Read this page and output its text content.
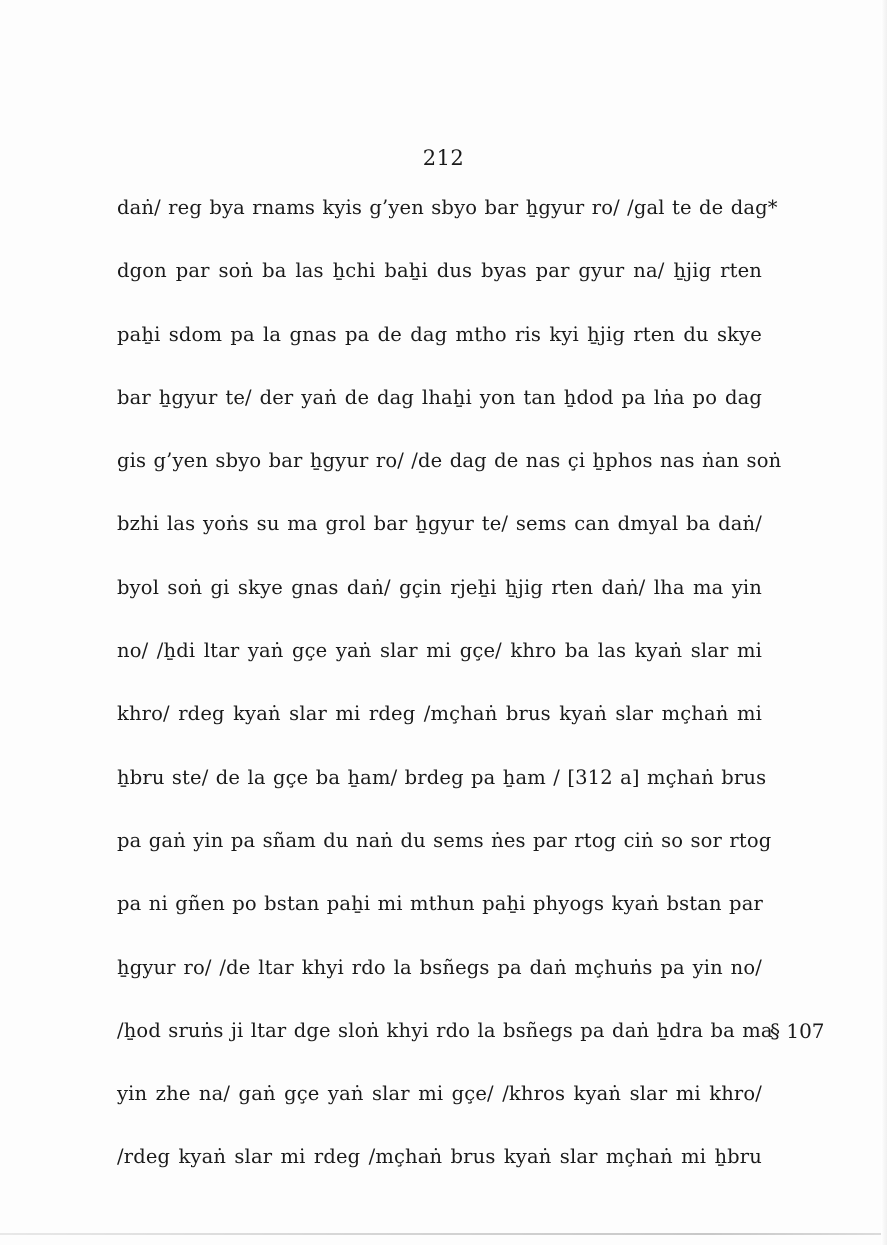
212
daṅ/ reg bya rnams kyis g’yen sbyo bar ẖgyur ro/ /gal te de dag*
dgon par soṅ ba las ẖchi baẖi dus byas par gyur na/ ẖjig rten
paẖi sdom pa la gnas pa de dag mtho ris kyi ẖjig rten du skye
bar ẖgyur te/ der yaṅ de dag lhaẖi yon tan ẖdod pa lṅa po dag
gis g’yen sbyo bar ẖgyur ro/ /de dag de nas çi ẖphos nas ṅan soṅ
bzhi las yoṅs su ma grol bar ẖgyur te/ sems can dmyal ba daṅ/
byol soṅ gi skye gnas daṅ/ gçin rjeẖi ẖjig rten daṅ/ lha ma yin
no/ /ẖdi ltar yaṅ gçe yaṅ slar mi gçe/ khro ba las kyaṅ slar mi
khro/ rdeg kyaṅ slar mi rdeg /mçhaṅ brus kyaṅ slar mçhaṅ mi
ẖbru ste/ de la gçe ba ẖam/ brdeg pa ẖam / [312 a] mçhaṅ brus
pa gaṅ yin pa sñam du naṅ du sems ṅes par rtog ciṅ so sor rtog
pa ni gñen po bstan paẖi mi mthun paẖi phyogs kyaṅ bstan par
ẖgyur ro/ /de ltar khyi rdo la bsñegs pa daṅ mçhuṅs pa yin no/
/ẖod sruṅs ji ltar dge sloṅ khyi rdo la bsñegs pa daṅ ẖdra ba ma
yin zhe na/ gaṅ gçe yaṅ slar mi gçe/ /khros kyaṅ slar mi khro/
/rdeg kyaṅ slar mi rdeg /mçhaṅ brus kyaṅ slar mçhaṅ mi ẖbru
§ 107
